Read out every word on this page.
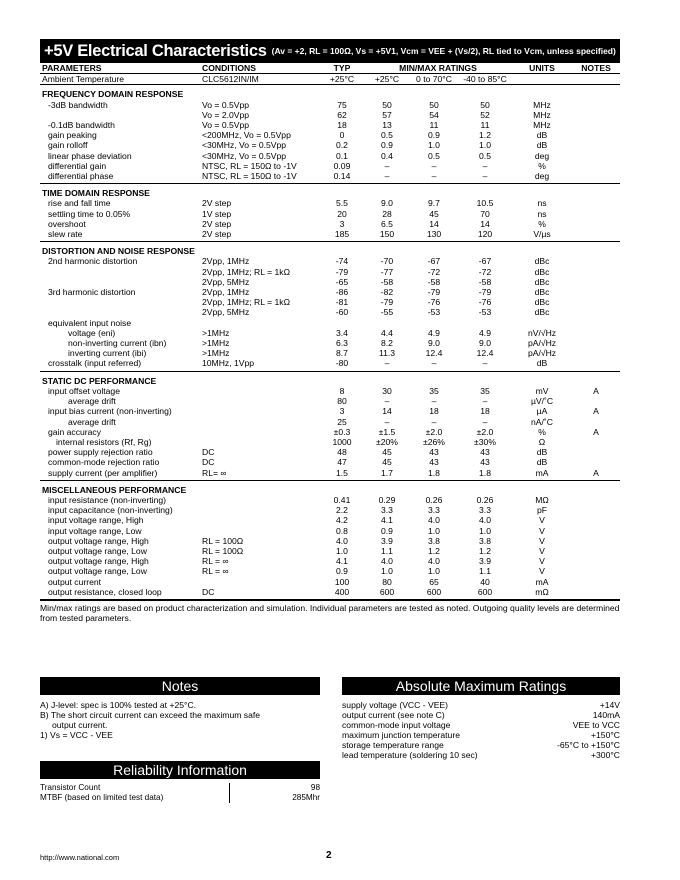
+5V Electrical Characteristics (Av = +2, RL = 100Ω, Vs = +5V1, Vcm = VEE + (Vs/2), RL tied to Vcm, unless specified)
PARAMETERS	CONDITIONS	TYP	MIN/MAX RATINGS			UNITS	NOTES
Ambient Temperature	CLC5612IN/IM	+25°C	+25°C	0 to 70°C	-40 to 85°C		
FREQUENCY DOMAIN RESPONSE							
-3dB bandwidth	Vo = 0.5Vpp	75	50	50	50	MHz	
	Vo = 2.0Vpp	62	57	54	52	MHz	
-0.1dB bandwidth	Vo = 0.5Vpp	18	13	11	11	MHz	
gain peaking	<200MHz, Vo = 0.5Vpp	0	0.5	0.9	1.2	dB	
gain rolloff	<30MHz, Vo = 0.5Vpp	0.2	0.9	1.0	1.0	dB	
linear phase deviation	<30MHz, Vo = 0.5Vpp	0.1	0.4	0.5	0.5	deg	
differential gain	NTSC, RL = 150Ω to -1V	0.09	–	–	–	%	
differential phase	NTSC, RL = 150Ω to -1V	0.14	–	–	–	deg	
TIME DOMAIN RESPONSE							
rise and fall time	2V step	5.5	9.0	9.7	10.5	ns	
settling time to 0.05%	1V step	20	28	45	70	ns	
overshoot	2V step	3	6.5	14	14	%	
slew rate	2V step	185	150	130	120	V/µs	
DISTORTION AND NOISE RESPONSE							
2nd harmonic distortion	2Vpp, 1MHz	-74	-70	-67	-67	dBc	
	2Vpp, 1MHz; RL = 1kΩ	-79	-77	-72	-72	dBc	
	2Vpp, 5MHz	-65	-58	-58	-58	dBc	
3rd harmonic distortion	2Vpp, 1MHz	-86	-82	-79	-79	dBc	
	2Vpp, 1MHz; RL = 1kΩ	-81	-79	-76	-76	dBc	
	2Vpp, 5MHz	-60	-55	-53	-53	dBc	
equivalent input noise							
voltage (eni)	>1MHz	3.4	4.4	4.9	4.9	nV/√Hz	
non-inverting current (ibn)	>1MHz	6.3	8.2	9.0	9.0	pA/√Hz	
inverting current (ibi)	>1MHz	8.7	11.3	12.4	12.4	pA/√Hz	
crosstalk (input referred)	10MHz, 1Vpp	-80	–	–	–	dB	
STATIC DC PERFORMANCE							
input offset voltage		8	30	35	35	mV	A
average drift		80	–	–	–	µV/˚C	
input bias current (non-inverting)		3	14	18	18	µA	A
average drift		25	–	–	–	nA/˚C	
gain accuracy		±0.3	±1.5	±2.0	±2.0	%	A
internal resistors (Rf, Rg)		1000	±20%	±26%	±30%	Ω	
power supply rejection ratio	DC	48	45	43	43	dB	
common-mode rejection ratio	DC	47	45	43	43	dB	
supply current (per amplifier)	RL= ∞	1.5	1.7	1.8	1.8	mA	A
MISCELLANEOUS PERFORMANCE							
input resistance (non-inverting)		0.41	0.29	0.26	0.26	MΩ	
input capacitance (non-inverting)		2.2	3.3	3.3	3.3	pF	
input voltage range, High		4.2	4.1	4.0	4.0	V	
input voltage range, Low		0.8	0.9	1.0	1.0	V	
output voltage range, High	RL = 100Ω	4.0	3.9	3.8	3.8	V	
output voltage range, Low	RL = 100Ω	1.0	1.1	1.2	1.2	V	
output voltage range, High	RL = ∞	4.1	4.0	4.0	3.9	V	
output voltage range, Low	RL = ∞	0.9	1.0	1.0	1.1	V	
output current		100	80	65	40	mA	
output resistance, closed loop	DC	400	600	600	600	mΩ	
Min/max ratings are based on product characterization and simulation. Individual parameters are tested as noted. Outgoing quality levels are determined from tested parameters.
Notes
A) J-level: spec is 100% tested at +25°C.
B) The short circuit current can exceed the maximum safe
output current.
1) Vs = VCC - VEE
Absolute Maximum Ratings
supply voltage (VCC - VEE)	+14V
output current (see note C)	140mA
common-mode input voltage	VEE to VCC
maximum junction temperature	+150°C
storage temperature range	-65°C to +150°C
lead temperature (soldering 10 sec)	+300°C
Reliability Information
Transistor Count	98
MTBF (based on limited test data)	285Mhr
http://www.national.com	2
